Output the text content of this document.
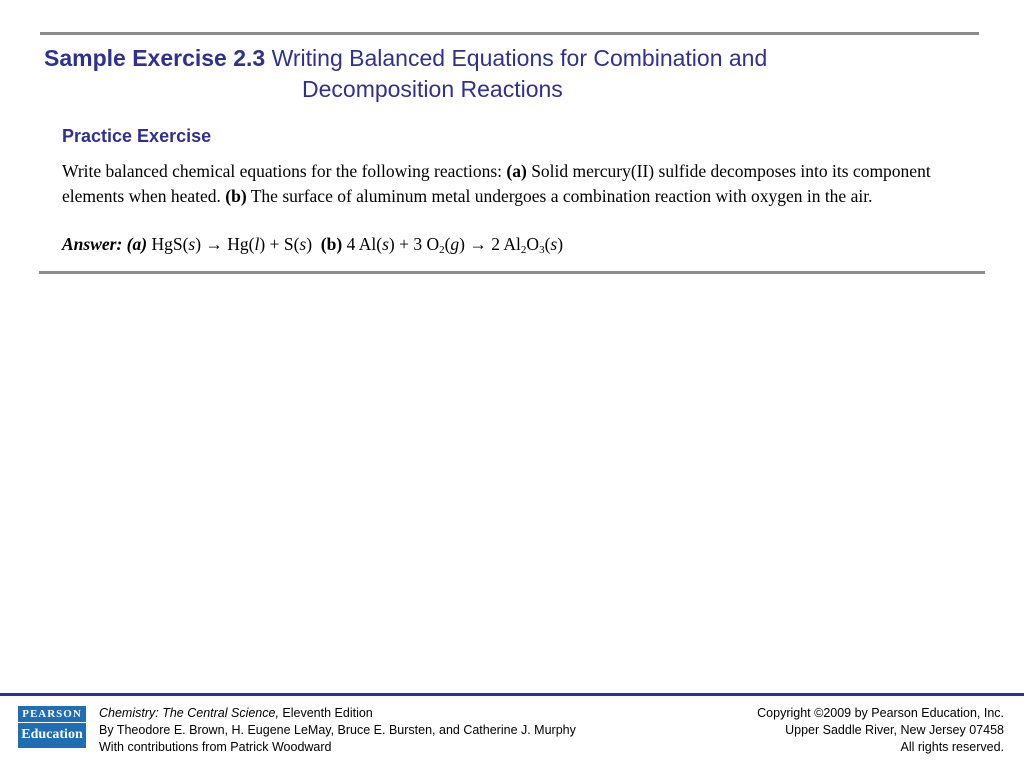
Sample Exercise 2.3 Writing Balanced Equations for Combination and
Decomposition Reactions
Practice Exercise
Write balanced chemical equations for the following reactions: (a) Solid mercury(II) sulfide decomposes into its component elements when heated. (b) The surface of aluminum metal undergoes a combination reaction with oxygen in the air.
Answer: (a) HgS(s) → Hg(l) + S(s) (b) 4 Al(s) + 3 $O_2(g) \to 2$ $Al_2O_3(s)$
PEARSON
Education
Chemistry: The Central Science, Eleventh Edition
By Theodore E. Brown, H. Eugene LeMay, Bruce E. Bursten, and Catherine J. Murphy
With contributions from Patrick Woodward
Copyright ©2009 by Pearson Education, Inc.
Upper Saddle River, New Jersey 07458
All rights reserved.
